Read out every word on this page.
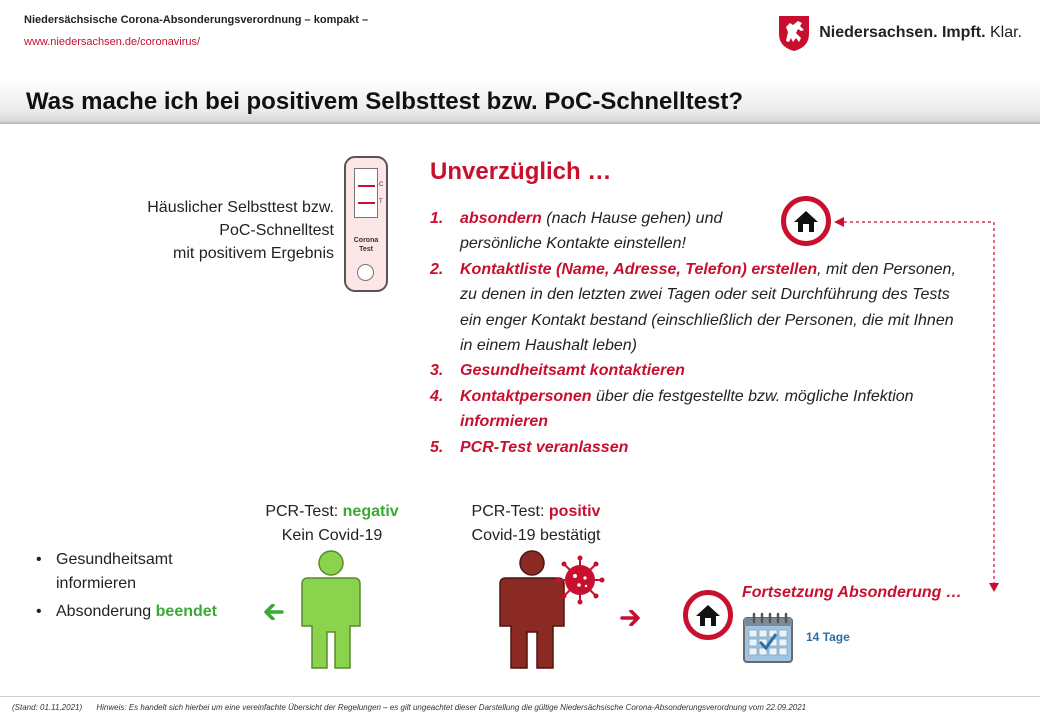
Niedersächsische Corona-Absonderungsverordnung – kompakt –
www.niedersachsen.de/coronavirus/
Niedersachsen. Impft. Klar.
Was mache ich bei positivem Selbsttest bzw. PoC-Schnelltest?
Häuslicher Selbsttest bzw.
PoC-Schnelltest
mit positivem Ergebnis
C
T
Corona
Test
Unverzüglich …
1. absondern (nach Hause gehen) und
persönliche Kontakte einstellen!
2. Kontaktliste (Name, Adresse, Telefon) erstellen, mit den Personen, zu denen in den letzten zwei Tagen oder seit Durchführung des Tests ein enger Kontakt bestand (einschließlich der Personen, die mit Ihnen in einem Haushalt leben)
3. Gesundheitsamt kontaktieren
4. Kontaktpersonen über die festgestellte bzw. mögliche Infektion informieren
5. PCR-Test veranlassen
PCR-Test: negativ
Kein Covid-19
PCR-Test: positiv
Covid-19 bestätigt
• Gesundheitsamt
informieren
• Absonderung beendet
Fortsetzung Absonderung …
14 Tage
(Stand: 01.11.2021) Hinweis: Es handelt sich hierbei um eine vereinfachte Übersicht der Regelungen – es gilt ungeachtet dieser Darstellung die gültige Niedersächsische Corona-Absonderungsverordnung vom 22.09.2021
